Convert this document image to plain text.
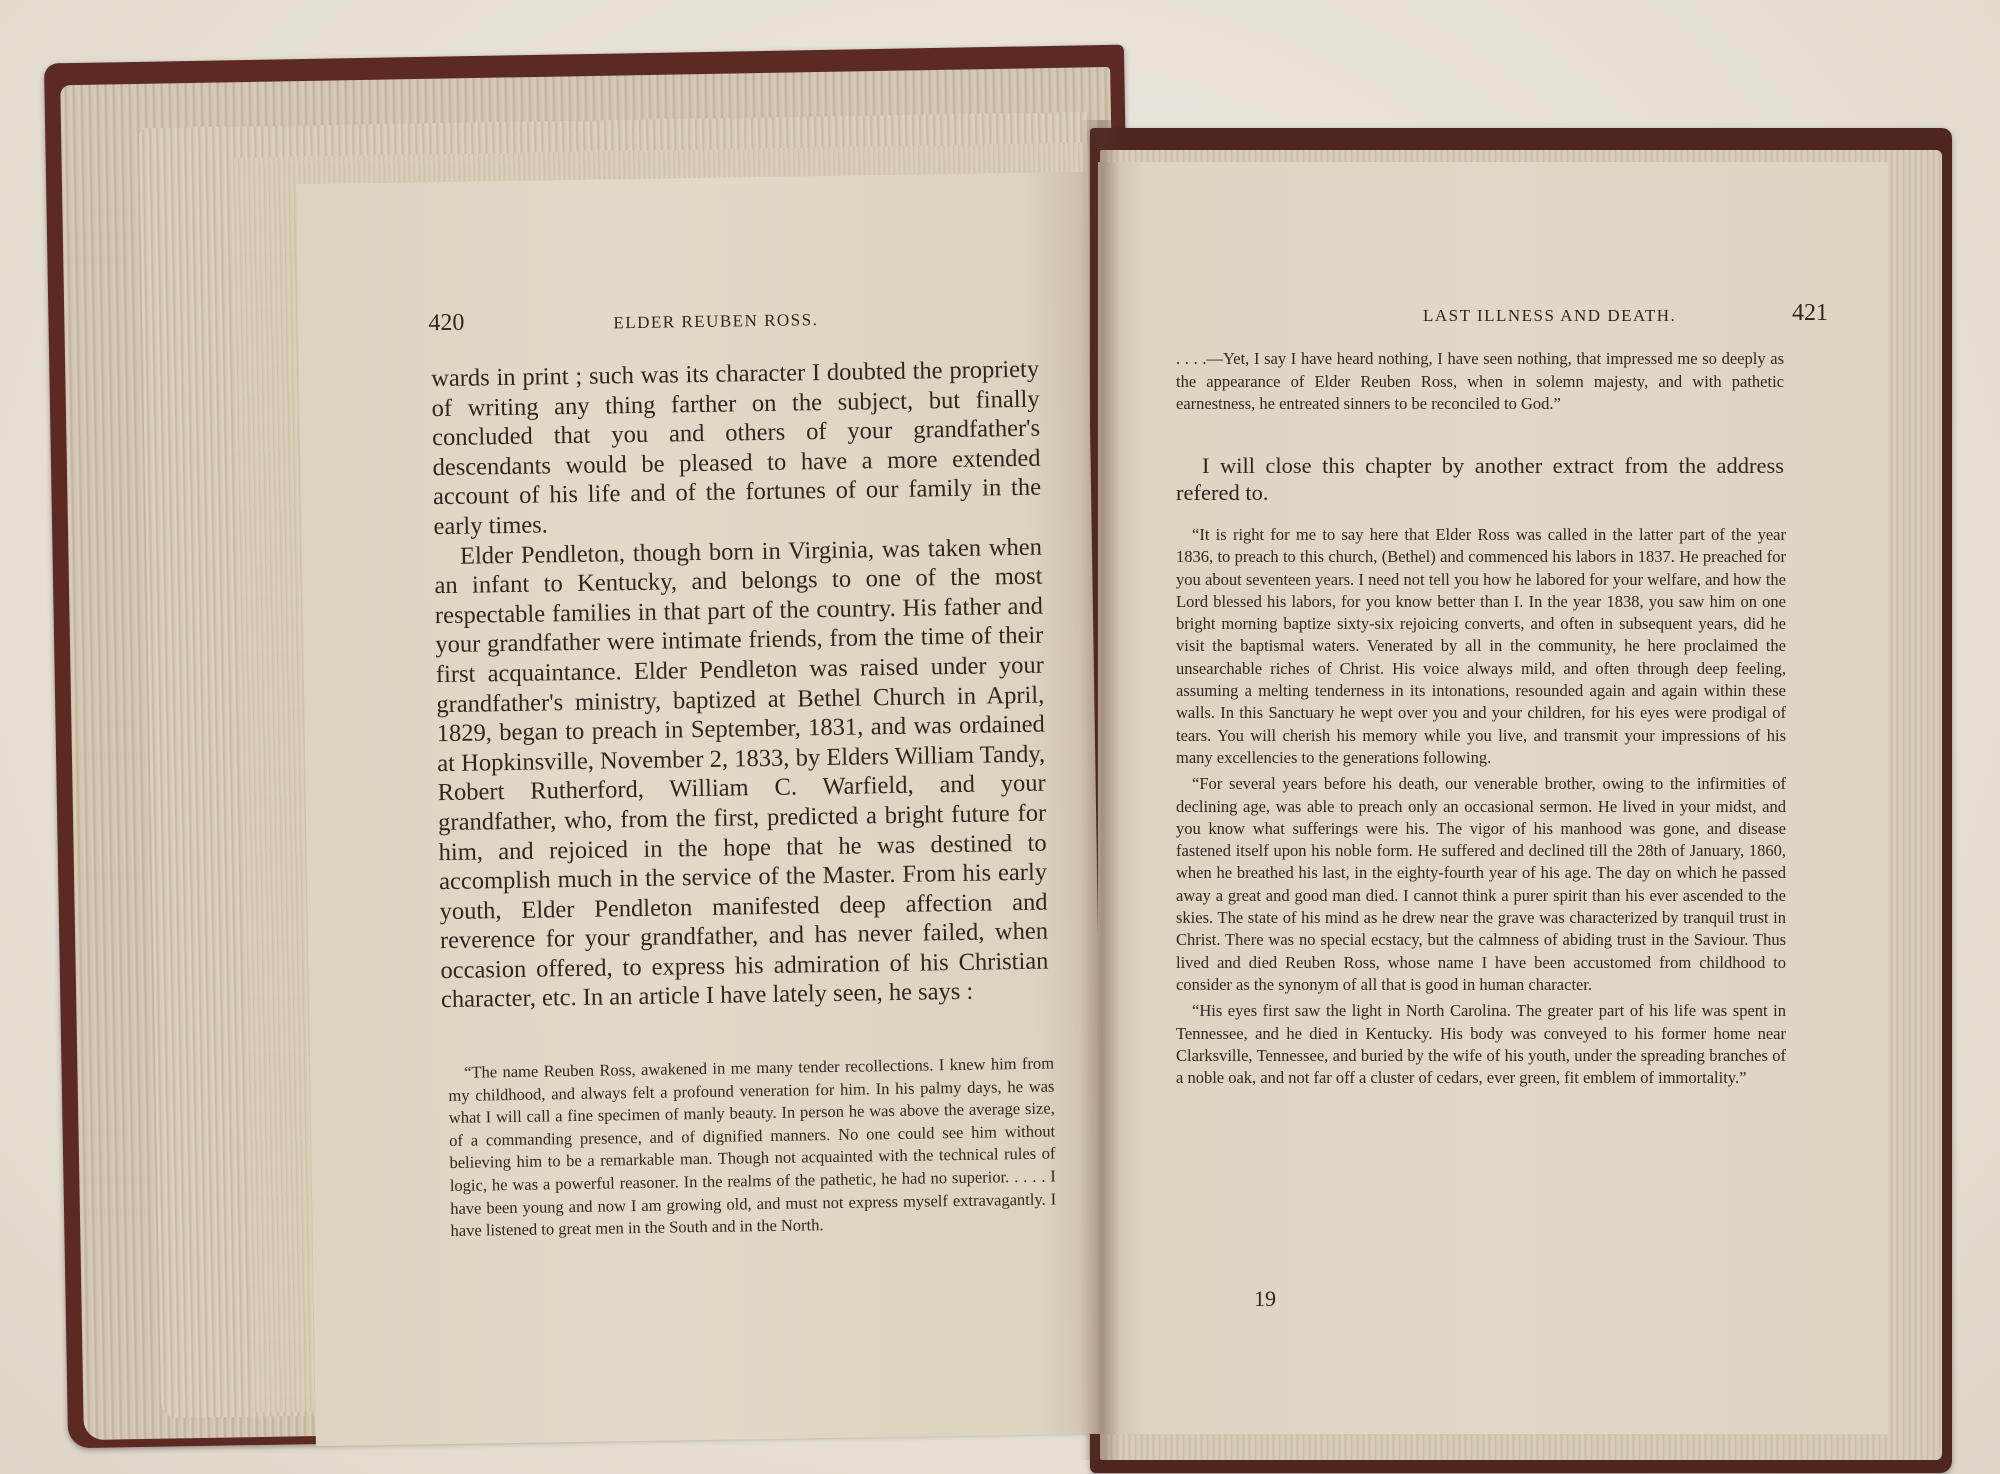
420	ELDER REUBEN ROSS.

wards in print ; such was its character I doubted the propriety of writing any thing farther on the subject, but finally concluded that you and others of your grandfather's descendants would be pleased to have a more extended account of his life and of the fortunes of our family in the early times.

Elder Pendleton, though born in Virginia, was taken when an infant to Kentucky, and belongs to one of the most respectable families in that part of the country. His father and your grandfather were intimate friends, from the time of their first acquaintance. Elder Pendleton was raised under your grandfather's ministry, baptized at Bethel Church in April, 1829, began to preach in September, 1831, and was ordained at Hopkinsville, November 2, 1833, by Elders William Tandy, Robert Rutherford, William C. Warfield, and your grandfather, who, from the first, predicted a bright future for him, and rejoiced in the hope that he was destined to accomplish much in the service of the Master. From his early youth, Elder Pendleton manifested deep affection and reverence for your grandfather, and has never failed, when occasion offered, to express his admiration of his Christian character, etc. In an article I have lately seen, he says :

“The name Reuben Ross, awakened in me many tender recollections. I knew him from my childhood, and always felt a profound veneration for him. In his palmy days, he was what I will call a fine specimen of manly beauty. In person he was above the average size, of a commanding presence, and of dignified manners. No one could see him without believing him to be a remarkable man. Though not acquainted with the technical rules of logic, he was a powerful reasoner. In the realms of the pathetic, he had no superior. . . . . I have been young and now I am growing old, and must not express myself extravagantly. I have listened to great men in the South and in the North.

LAST ILLNESS AND DEATH.	421

. . . .—Yet, I say I have heard nothing, I have seen nothing, that impressed me so deeply as the appearance of Elder Reuben Ross, when in solemn majesty, and with pathetic earnestness, he entreated sinners to be reconciled to God.”

I will close this chapter by another extract from the address refered to.

“It is right for me to say here that Elder Ross was called in the latter part of the year 1836, to preach to this church, (Bethel) and commenced his labors in 1837. He preached for you about seventeen years. I need not tell you how he labored for your welfare, and how the Lord blessed his labors, for you know better than I. In the year 1838, you saw him on one bright morning baptize sixty-six rejoicing converts, and often in subsequent years, did he visit the baptismal waters. Venerated by all in the community, he here proclaimed the unsearchable riches of Christ. His voice always mild, and often through deep feeling, assuming a melting tenderness in its intonations, resounded again and again within these walls. In this Sanctuary he wept over you and your children, for his eyes were prodigal of tears. You will cherish his memory while you live, and transmit your impressions of his many excellencies to the generations following.

“For several years before his death, our venerable brother, owing to the infirmities of declining age, was able to preach only an occasional sermon. He lived in your midst, and you know what sufferings were his. The vigor of his manhood was gone, and disease fastened itself upon his noble form. He suffered and declined till the 28th of January, 1860, when he breathed his last, in the eighty-fourth year of his age. The day on which he passed away a great and good man died. I cannot think a purer spirit than his ever ascended to the skies. The state of his mind as he drew near the grave was characterized by tranquil trust in Christ. There was no special ecstacy, but the calmness of abiding trust in the Saviour. Thus lived and died Reuben Ross, whose name I have been accustomed from childhood to consider as the synonym of all that is good in human character.

“His eyes first saw the light in North Carolina. The greater part of his life was spent in Tennessee, and he died in Kentucky. His body was conveyed to his former home near Clarksville, Tennessee, and buried by the wife of his youth, under the spreading branches of a noble oak, and not far off a cluster of cedars, ever green, fit emblem of immortality.”

19
